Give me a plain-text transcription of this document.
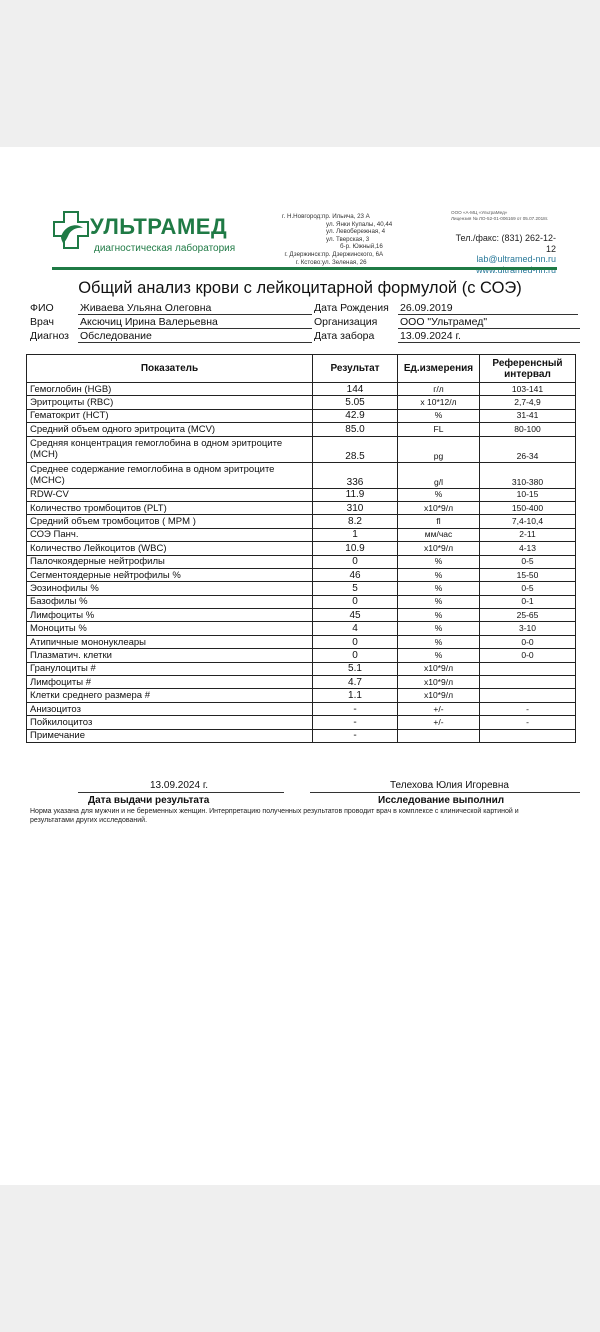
УЛЬТРАМЕД
диагностическая лаборатория
г. Н.Новгород:

г. Дзержинск:
г. Кстово:
пр. Ильича, 23 А
ул. Янки Купалы, 40,44
ул. Левобережная, 4
ул. Тверская, 3
б-р. Южный,16
пр. Дзержинского, 6А
ул. Зеленая, 26
ООО «А-МЦ «УльтраМед»
Лицензия № ЛО-52-01-006169 от 05.07.2018г.
Тел./факс: (831) 262-12-12
lab@ultramed-nn.ru
Общий анализ крови с лейкоцитарной формулой (с СОЭ)
ФИО	Живаева Ульяна Олеговна	Дата Рождения 26.09.2019
Врач Аксючиц Ирина Валерьевна	Организация ООО "Ультрамед"
Диагноз Обследование	Дата забора 13.09.2024 г.
Показатель	Результат	Ед.измерения	Референсный интервал
Гемоглобин (HGB)	144	г/л	103-141
Эритроциты (RBC)	5.05	x 10*12/л	2,7-4,9
Гематокрит (HCT)	42.9	%	31-41
Средний объем одного эритроцита (MCV)	85.0	FL	80-100
Средняя концентрация гемоглобина в одном эритроците (MCH)	28.5	pg	26-34
Среднее содержание гемоглобина в одном эритроците (MCHC)	336	g/l	310-380
RDW-CV	11.9	%	10-15
Количество тромбоцитов (PLT)	310	x10*9/л	150-400
Средний объем тромбоцитов ( MPM )	8.2	fl	7,4-10,4
СОЭ Панч.	1	мм/час	2-11
Количество Лейкоцитов (WBC)	10.9	x10*9/л	4-13
Палочкоядерные нейтрофилы	0	%	0-5
Сегментоядерные нейтрофилы %	46	%	15-50
Эозинофилы %	5	%	0-5
Базофилы %	0	%	0-1
Лимфоциты %	45	%	25-65
Моноциты %	4	%	3-10
Атипичные мононуклеары	0	%	0-0
Плазматич. клетки	0	%	0-0
Гранулоциты #	5.1	x10*9/л	
Лимфоциты #	4.7	x10*9/л	
Клетки среднего размера #	1.1	x10*9/л	
Анизоцитоз	-	+/-	-
Пойкилоцитоз	-	+/-	-
Примечание	-		
13.09.2024 г.	Телехова Юлия Игоревна
Дата выдачи результата	Исследование выполнил
Норма указана для мужчин и не беременных женщин. Интерпретацию полученных результатов проводит врач в комплексе с клинической картиной и результатами других исследований.
